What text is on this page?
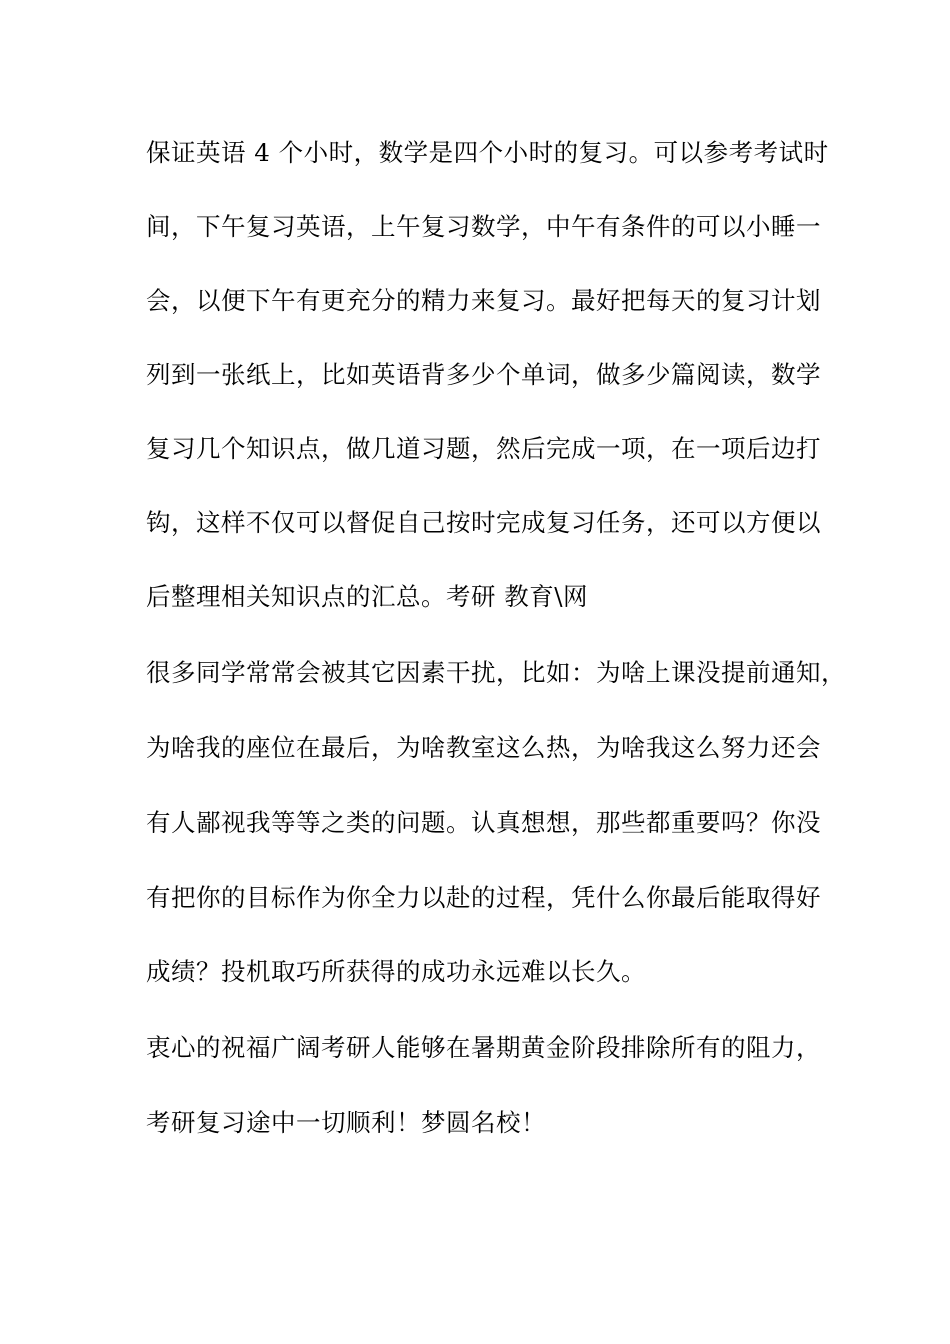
保证英语 4 个小时，数学是四个小时的复习。可以参考考试时
间，下午复习英语，上午复习数学，中午有条件的可以小睡一
会，以便下午有更充分的精力来复习。最好把每天的复习计划
列到一张纸上，比如英语背多少个单词，做多少篇阅读，数学
复习几个知识点，做几道习题，然后完成一项，在一项后边打
钩，这样不仅可以督促自己按时完成复习任务，还可以方便以
后整理相关知识点的汇总。考研 教育\网
很多同学常常会被其它因素干扰，比如：为啥上课没提前通知，
为啥我的座位在最后，为啥教室这么热，为啥我这么努力还会
有人鄙视我等等之类的问题。认真想想，那些都重要吗？你没
有把你的目标作为你全力以赴的过程，凭什么你最后能取得好
成绩？投机取巧所获得的成功永远难以长久。
衷心的祝福广阔考研人能够在暑期黄金阶段排除所有的阻力，
考研复习途中一切顺利！梦圆名校！
